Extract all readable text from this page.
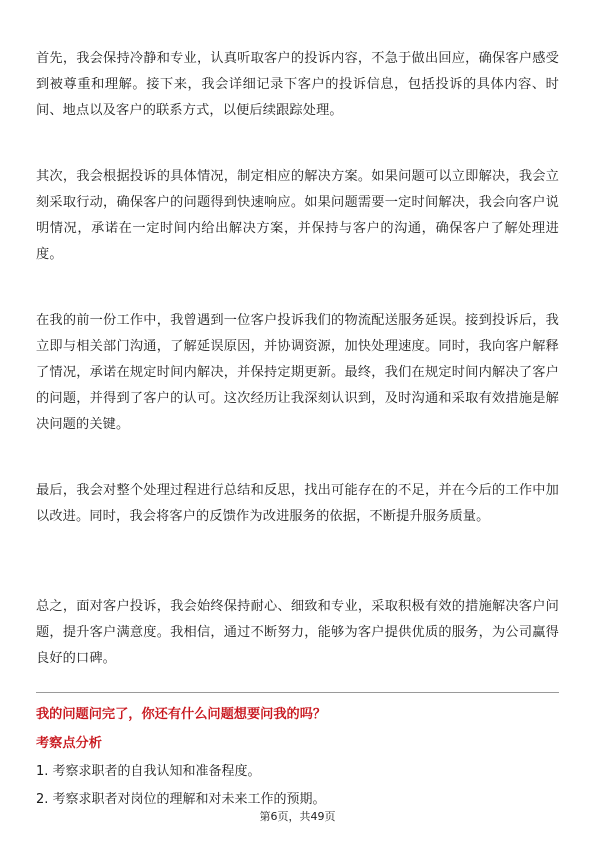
首先，我会保持冷静和专业，认真听取客户的投诉内容，不急于做出回应，确保客户感受到被尊重和理解。接下来，我会详细记录下客户的投诉信息，包括投诉的具体内容、时间、地点以及客户的联系方式，以便后续跟踪处理。

其次，我会根据投诉的具体情况，制定相应的解决方案。如果问题可以立即解决，我会立刻采取行动，确保客户的问题得到快速响应。如果问题需要一定时间解决，我会向客户说明情况，承诺在一定时间内给出解决方案，并保持与客户的沟通，确保客户了解处理进度。

在我的前一份工作中，我曾遇到一位客户投诉我们的物流配送服务延误。接到投诉后，我立即与相关部门沟通，了解延误原因，并协调资源，加快处理速度。同时，我向客户解释了情况，承诺在规定时间内解决，并保持定期更新。最终，我们在规定时间内解决了客户的问题，并得到了客户的认可。这次经历让我深刻认识到，及时沟通和采取有效措施是解决问题的关键。

最后，我会对整个处理过程进行总结和反思，找出可能存在的不足，并在今后的工作中加以改进。同时，我会将客户的反馈作为改进服务的依据，不断提升服务质量。

总之，面对客户投诉，我会始终保持耐心、细致和专业，采取积极有效的措施解决客户问题，提升客户满意度。我相信，通过不断努力，能够为客户提供优质的服务，为公司赢得良好的口碑。

我的问题问完了，你还有什么问题想要问我的吗？

考察点分析

1. 考察求职者的自我认知和准备程度。
2. 考察求职者对岗位的理解和对未来工作的预期。
第6页，共49页
